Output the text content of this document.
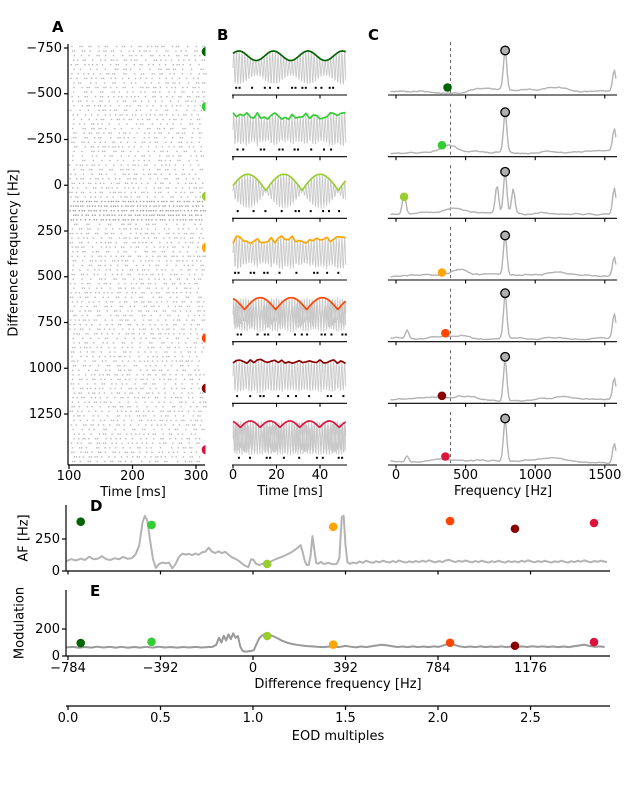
A	B	C
D
E
Difference frequency [Hz]
−750
−500
−250
0
250
500
750
1000
1250
100	200	300
Time [ms]
0 20 40
Time [ms]
0	500	1000	1500
Frequency [Hz]
AF [Hz] 250
0
Modulation 200
0
−784	−392	0	392	784	1176
Difference frequency [Hz]
0.0	0.5	1.0	1.5	2.0	2.5
EOD multiples
